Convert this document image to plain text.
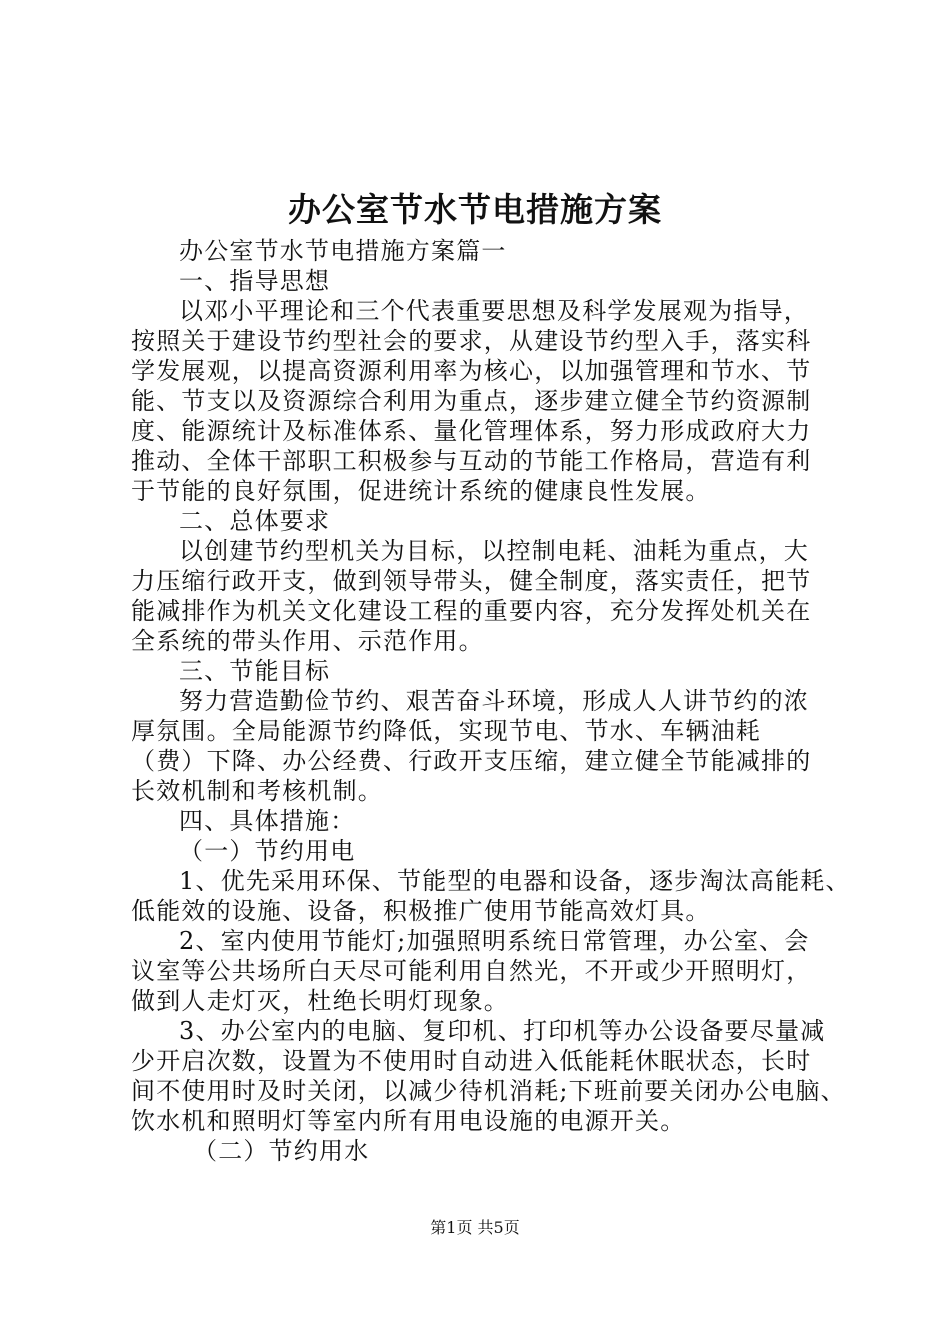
办公室节水节电措施方案
办公室节水节电措施方案篇一
一、指导思想
以邓小平理论和三个代表重要思想及科学发展观为指导，
按照关于建设节约型社会的要求，从建设节约型入手，落实科
学发展观，以提高资源利用率为核心，以加强管理和节水、节
能、节支以及资源综合利用为重点，逐步建立健全节约资源制
度、能源统计及标准体系、量化管理体系，努力形成政府大力
推动、全体干部职工积极参与互动的节能工作格局，营造有利
于节能的良好氛围，促进统计系统的健康良性发展。
二、总体要求
以创建节约型机关为目标，以控制电耗、油耗为重点，大
力压缩行政开支，做到领导带头，健全制度，落实责任，把节
能减排作为机关文化建设工程的重要内容，充分发挥处机关在
全系统的带头作用、示范作用。
三、节能目标
努力营造勤俭节约、艰苦奋斗环境，形成人人讲节约的浓
厚氛围。全局能源节约降低，实现节电、节水、车辆油耗
（费）下降、办公经费、行政开支压缩，建立健全节能减排的
长效机制和考核机制。
四、具体措施：
（一）节约用电
1、优先采用环保、节能型的电器和设备，逐步淘汰高能耗、
低能效的设施、设备，积极推广使用节能高效灯具。
2、室内使用节能灯;加强照明系统日常管理，办公室、会
议室等公共场所白天尽可能利用自然光，不开或少开照明灯，
做到人走灯灭，杜绝长明灯现象。
3、办公室内的电脑、复印机、打印机等办公设备要尽量减
少开启次数，设置为不使用时自动进入低能耗休眠状态，长时
间不使用时及时关闭，以减少待机消耗;下班前要关闭办公电脑、
饮水机和照明灯等室内所有用电设施的电源开关。
（二）节约用水
第1页 共5页
